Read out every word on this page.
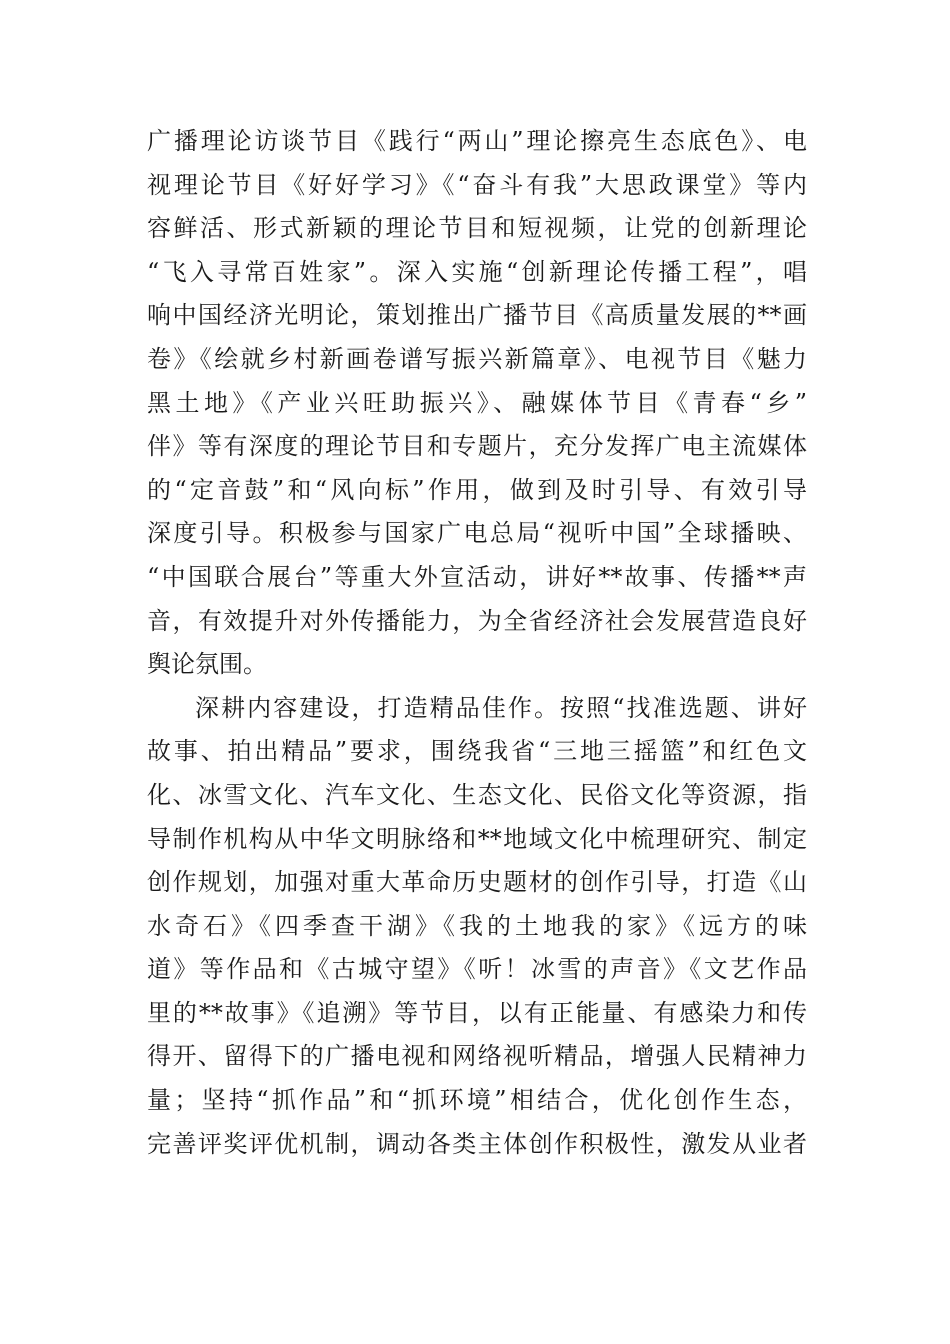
广播理论访谈节目《践行“两山”理论擦亮生态底色》、电
视理论节目《好好学习》《“奋斗有我”大思政课堂》等内
容鲜活、形式新颖的理论节目和短视频，让党的创新理论
“飞入寻常百姓家”。深入实施“创新理论传播工程”，唱
响中国经济光明论，策划推出广播节目《高质量发展的**画
卷》《绘就乡村新画卷谱写振兴新篇章》、电视节目《魅力
黑土地》《产业兴旺助振兴》、融媒体节目《青春“乡”
伴》等有深度的理论节目和专题片，充分发挥广电主流媒体
的“定音鼓”和“风向标”作用，做到及时引导、有效引导
深度引导。积极参与国家广电总局“视听中国”全球播映、
“中国联合展台”等重大外宣活动，讲好**故事、传播**声
音，有效提升对外传播能力，为全省经济社会发展营造良好
舆论氛围。
深耕内容建设，打造精品佳作。按照“找准选题、讲好
故事、拍出精品”要求，围绕我省“三地三摇篮”和红色文
化、冰雪文化、汽车文化、生态文化、民俗文化等资源，指
导制作机构从中华文明脉络和**地域文化中梳理研究、制定
创作规划，加强对重大革命历史题材的创作引导，打造《山
水奇石》《四季查干湖》《我的土地我的家》《远方的味
道》等作品和《古城守望》《听！冰雪的声音》《文艺作品
里的**故事》《追溯》等节目，以有正能量、有感染力和传
得开、留得下的广播电视和网络视听精品，增强人民精神力
量；坚持“抓作品”和“抓环境”相结合，优化创作生态，
完善评奖评优机制，调动各类主体创作积极性，激发从业者
